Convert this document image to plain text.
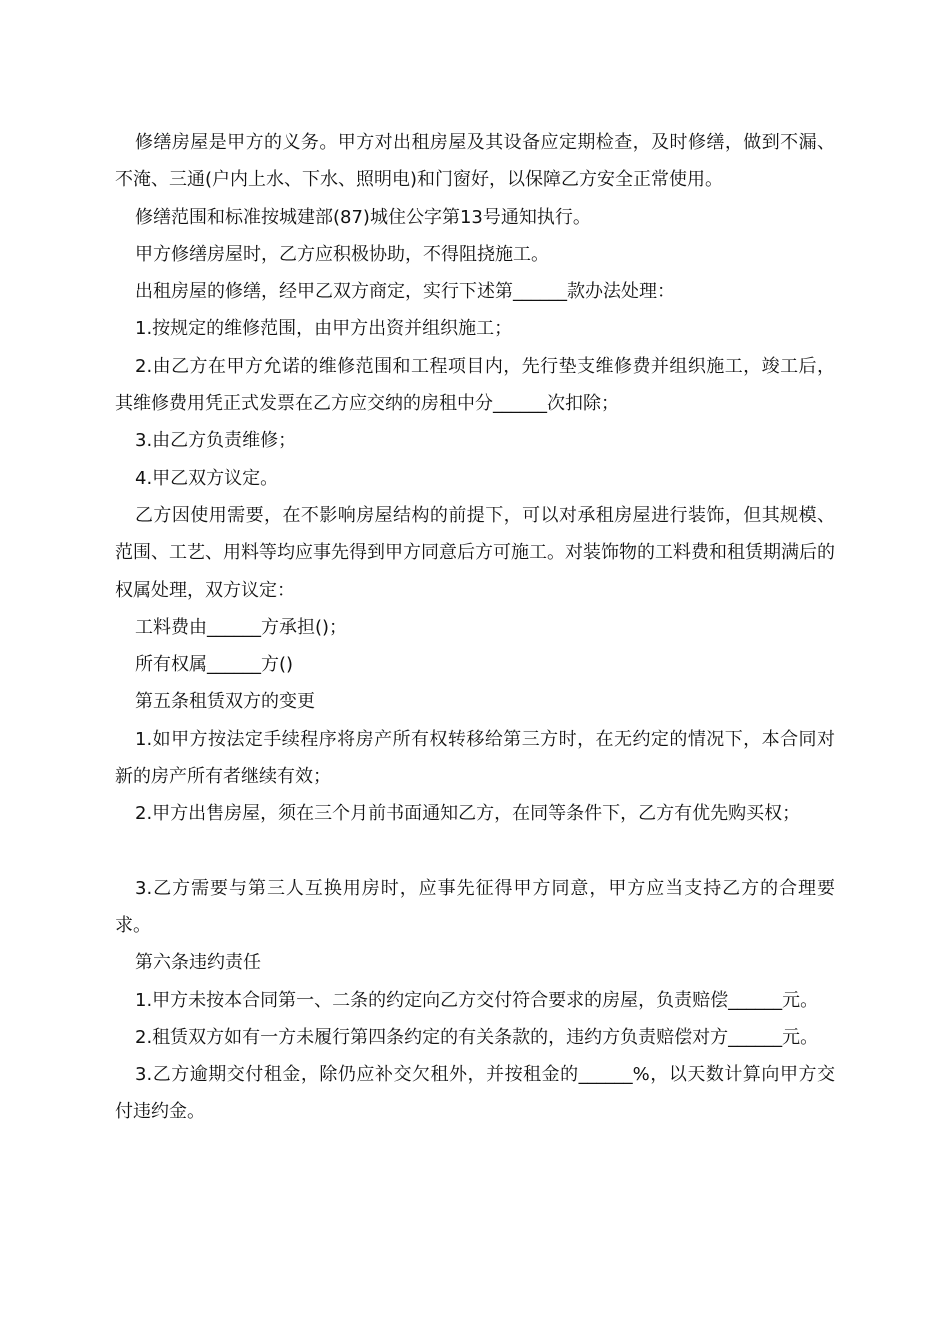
修缮房屋是甲方的义务。甲方对出租房屋及其设备应定期检查，及时修缮，做到不漏、不淹、三通(户内上水、下水、照明电)和门窗好，以保障乙方安全正常使用。

修缮范围和标准按城建部(87)城住公字第13号通知执行。

甲方修缮房屋时，乙方应积极协助，不得阻挠施工。

出租房屋的修缮，经甲乙双方商定，实行下述第______款办法处理：

1.按规定的维修范围，由甲方出资并组织施工；

2.由乙方在甲方允诺的维修范围和工程项目内，先行垫支维修费并组织施工，竣工后，其维修费用凭正式发票在乙方应交纳的房租中分______次扣除；

3.由乙方负责维修；

4.甲乙双方议定。

乙方因使用需要，在不影响房屋结构的前提下，可以对承租房屋进行装饰，但其规模、范围、工艺、用料等均应事先得到甲方同意后方可施工。对装饰物的工料费和租赁期满后的权属处理，双方议定：

工料费由______方承担()；

所有权属______方()

第五条租赁双方的变更

1.如甲方按法定手续程序将房产所有权转移给第三方时，在无约定的情况下，本合同对新的房产所有者继续有效；

2.甲方出售房屋，须在三个月前书面通知乙方，在同等条件下，乙方有优先购买权；

3.乙方需要与第三人互换用房时，应事先征得甲方同意，甲方应当支持乙方的合理要求。

第六条违约责任

1.甲方未按本合同第一、二条的约定向乙方交付符合要求的房屋，负责赔偿______元。

2.租赁双方如有一方未履行第四条约定的有关条款的，违约方负责赔偿对方______元。

3.乙方逾期交付租金，除仍应补交欠租外，并按租金的______%，以天数计算向甲方交付违约金。
